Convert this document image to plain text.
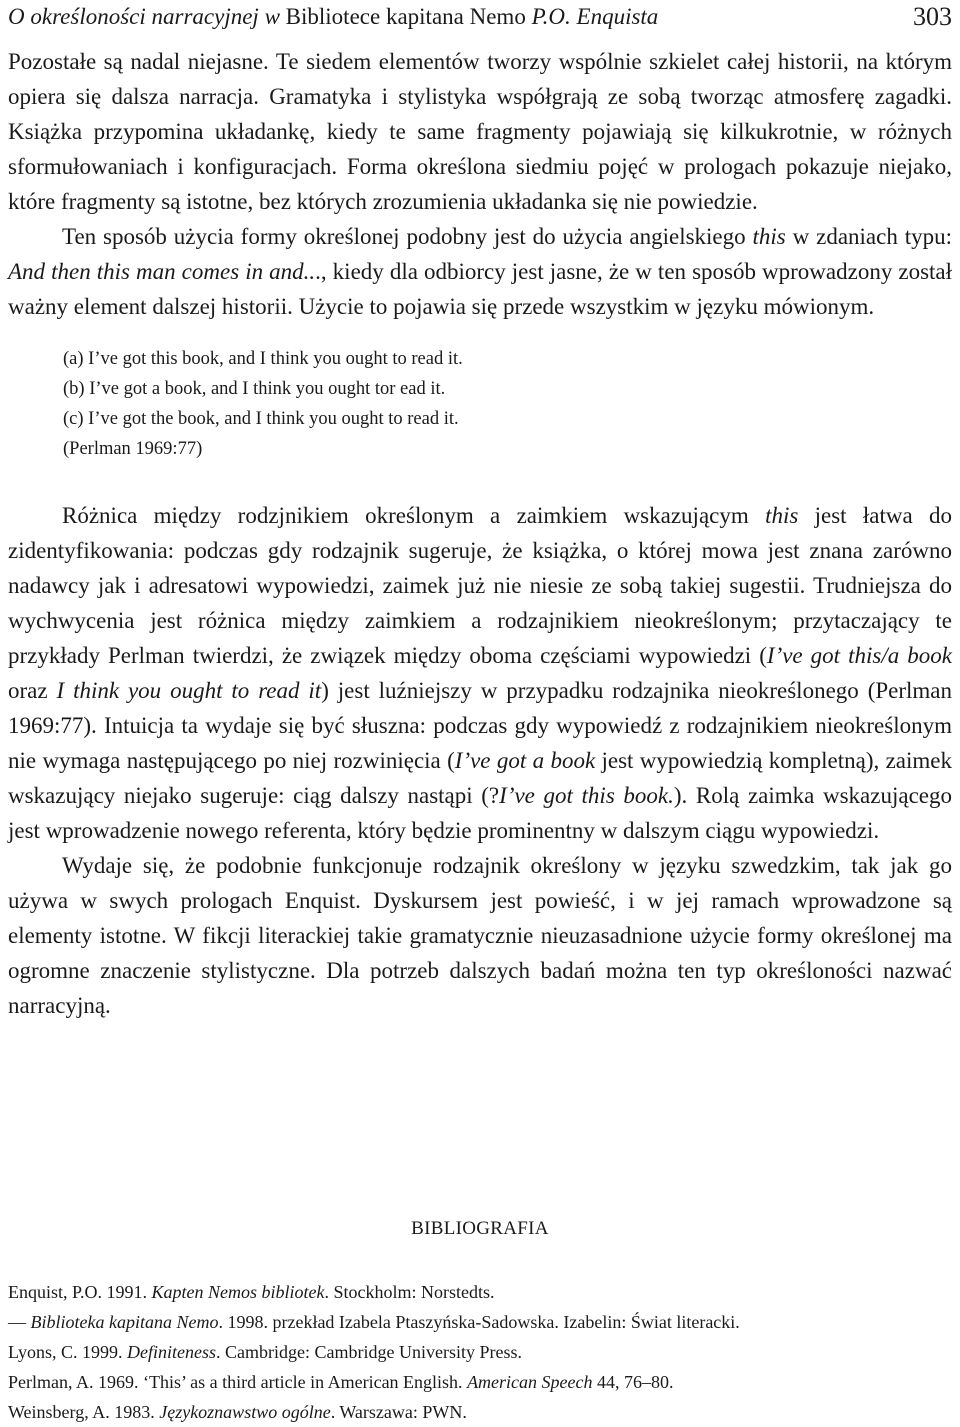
O określoności narracyjnej w Bibliotece kapitana Nemo P.O. Enquista	303

Pozostałe są nadal niejasne. Te siedem elementów tworzy wspólnie szkielet całej historii, na którym opiera się dalsza narracja. Gramatyka i stylistyka współgrają ze sobą tworząc atmosferę zagadki. Książka przypomina układankę, kiedy te same fragmenty pojawiają się kilkukrotnie, w różnych sformułowaniach i konfiguracjach. Forma określona siedmiu pojęć w prologach pokazuje niejako, które fragmenty są istotne, bez których zrozumienia układanka się nie powiedzie.

Ten sposób użycia formy określonej podobny jest do użycia angielskiego this w zdaniach typu: And then this man comes in and..., kiedy dla odbiorcy jest jasne, że w ten sposób wprowadzony został ważny element dalszej historii. Użycie to pojawia się przede wszystkim w języku mówionym.

(a) I’ve got this book, and I think you ought to read it.
(b) I’ve got a book, and I think you ought tor ead it.
(c) I’ve got the book, and I think you ought to read it.
(Perlman 1969:77)

Różnica między rodzjnikiem określonym a zaimkiem wskazującym this jest łatwa do zidentyfikowania: podczas gdy rodzajnik sugeruje, że książka, o której mowa jest znana zarówno nadawcy jak i adresatowi wypowiedzi, zaimek już nie niesie ze sobą takiej sugestii. Trudniejsza do wychwycenia jest różnica między zaimkiem a rodzajnikiem nieokreślonym; przytaczający te przykłady Perlman twierdzi, że związek między oboma częściami wypowiedzi (I’ve got this/a book oraz I think you ought to read it) jest luźniejszy w przypadku rodzajnika nieokreślonego (Perlman 1969:77). Intuicja ta wydaje się być słuszna: podczas gdy wypowiedź z rodzajnikiem nieokreślonym nie wymaga następującego po niej rozwinięcia (I’ve got a book jest wypowiedzią kompletną), zaimek wskazujący niejako sugeruje: ciąg dalszy nastąpi (?I’ve got this book.). Rolą zaimka wskazującego jest wprowadzenie nowego referenta, który będzie prominentny w dalszym ciągu wypowiedzi.

Wydaje się, że podobnie funkcjonuje rodzajnik określony w języku szwedzkim, tak jak go używa w swych prologach Enquist. Dyskursem jest powieść, i w jej ramach wprowadzone są elementy istotne. W fikcji literackiej takie gramatycznie nieuzasadnione użycie formy określonej ma ogromne znaczenie stylistyczne. Dla potrzeb dalszych badań można ten typ określoności nazwać narracyjną.

BIBLIOGRAFIA
Enquist, P.O. 1991. Kapten Nemos bibliotek. Stockholm: Norstedts.
— Biblioteka kapitana Nemo. 1998. przekład Izabela Ptaszyńska-Sadowska. Izabelin: Świat literacki.
Lyons, C. 1999. Definiteness. Cambridge: Cambridge University Press.
Perlman, A. 1969. ‘This’ as a third article in American English. American Speech 44, 76–80.
Weinsberg, A. 1983. Językoznawstwo ogólne. Warszawa: PWN.
